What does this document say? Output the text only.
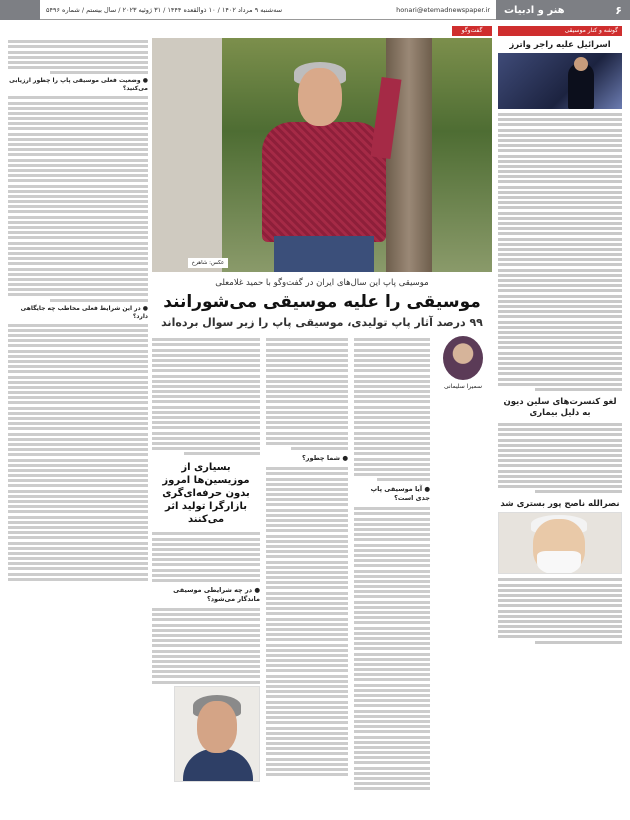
honari@etemadnewspaper.ir
سه‌شنبه ۹ مرداد ۱۴۰۲ / ۱۰ ذوالقعده ۱۴۴۴ / ۳۱ ژوئیه ۲۰۲۳ / سال بیستم / شماره ۵۴۹۶	۶
هنر و ادبیات
گوشه و کنار موسیقی
اسرائیل علیه راجر واترز
لغو کنسرت‌های سلین دیون به دلیل بیماری
نصرالله ناصح پور بستری شد
گفت‌وگو
عکس: شاهرخ
● وضعیت فعلی موسیقی پاپ را چطور ارزیابی می‌کنید؟
● در این شرایط فعلی مخاطب چه جایگاهی دارد؟
موسیقی پاپ این سال‌های ایران در گفت‌وگو با حمید غلامعلی
موسیقی را علیه موسیقی می‌شورانند
۹۹ درصد آثار پاپ تولیدی، موسیقی پاپ را زیر سوال برده‌اند
سمیرا سلیمانی
● آیا موسیقی پاپ جدی است؟
● شما چطور؟
بسیاری از موزیسین‌ها امروز بدون حرفه‌ای‌گری بازارگرا تولید اثر می‌کنند
● در چه شرایطی موسیقی ماندگار می‌شود؟
